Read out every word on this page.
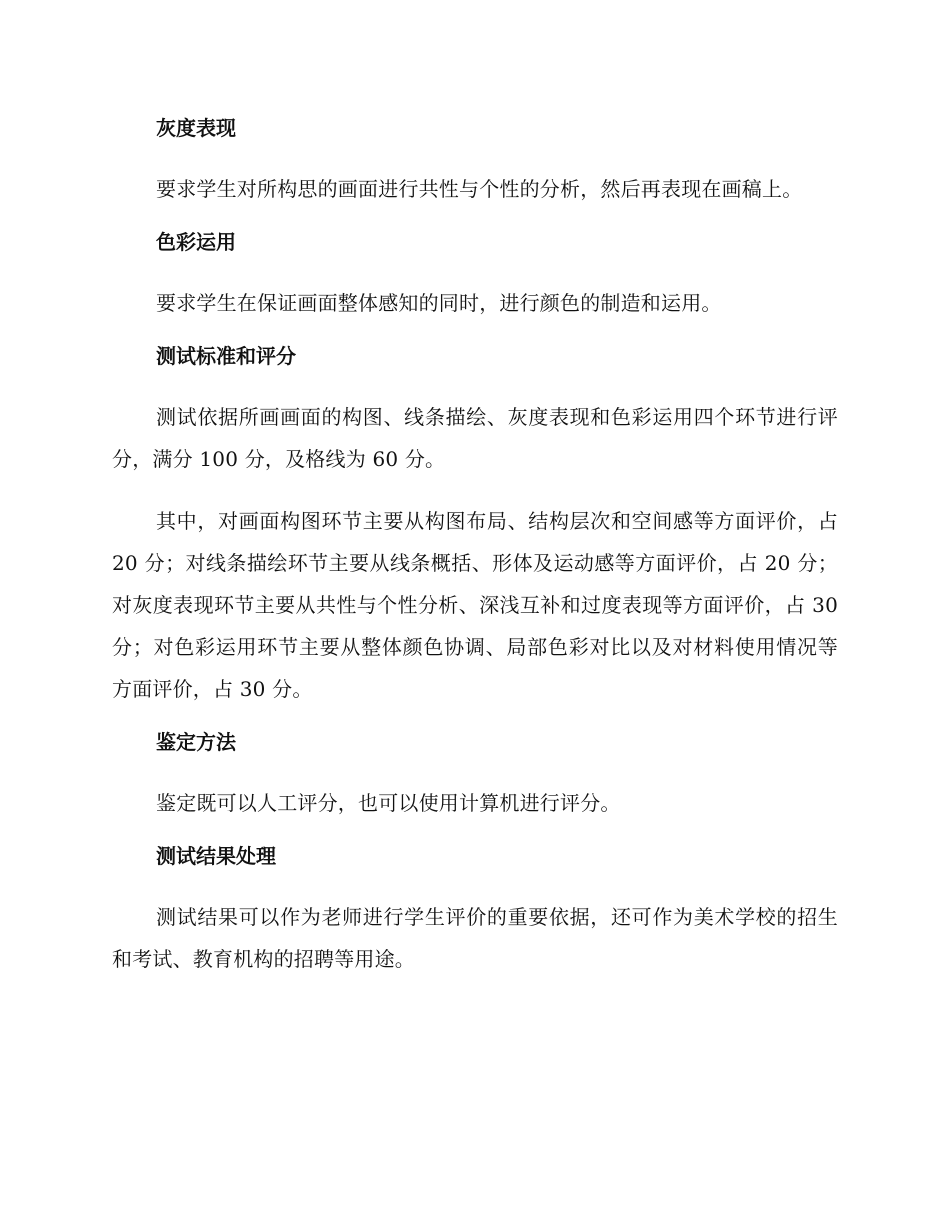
灰度表现

要求学生对所构思的画面进行共性与个性的分析，然后再表现在画稿上。

色彩运用

要求学生在保证画面整体感知的同时，进行颜色的制造和运用。

测试标准和评分

测试依据所画画面的构图、线条描绘、灰度表现和色彩运用四个环节进行评分，满分 100 分，及格线为 60 分。

其中，对画面构图环节主要从构图布局、结构层次和空间感等方面评价，占 20 分；对线条描绘环节主要从线条概括、形体及运动感等方面评价，占 20 分；对灰度表现环节主要从共性与个性分析、深浅互补和过度表现等方面评价，占 30 分；对色彩运用环节主要从整体颜色协调、局部色彩对比以及对材料使用情况等方面评价，占 30 分。

鉴定方法

鉴定既可以人工评分，也可以使用计算机进行评分。

测试结果处理

测试结果可以作为老师进行学生评价的重要依据，还可作为美术学校的招生和考试、教育机构的招聘等用途。
